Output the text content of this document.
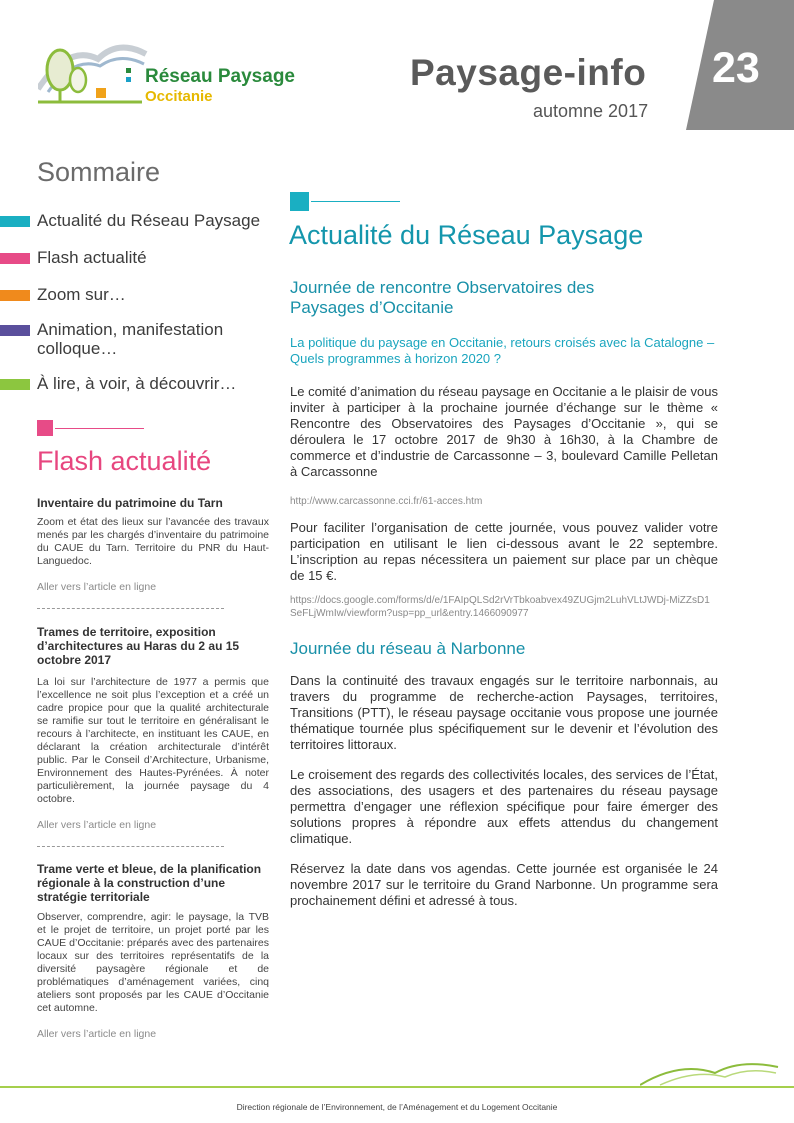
Réseau Paysage
Occitanie
Paysage-info
automne 2017
23
Sommaire
Actualité du Réseau Paysage
Flash actualité
Zoom sur…
Animation, manifestation colloque…
À lire, à voir, à découvrir…
Flash actualité
Inventaire du patrimoine du Tarn
Zoom et état des lieux sur l’avancée des travaux menés par les chargés d’inventaire du patrimoine du CAUE du Tarn. Territoire du PNR du Haut-Languedoc.
Aller vers l’article en ligne
Trames de territoire, exposition d’architectures au Haras du 2 au 15 octobre 2017
La loi sur l’architecture de 1977 a permis que l’excellence ne soit plus l’exception et a créé un cadre propice pour que la qualité architecturale se ramifie sur tout le territoire en généralisant le recours à l’architecte, en instituant les CAUE, en déclarant la création architecturale d’intérêt public. Par le Conseil d’Architecture, Urbanisme, Environnement des Hautes-Pyrénées. À noter particulièrement, la journée paysage du 4 octobre.
Aller vers l’article en ligne
Trame verte et bleue, de la planification régionale à la construction d’une stratégie territoriale
Observer, comprendre, agir: le paysage, la TVB et le projet de territoire, un projet porté par les CAUE d’Occitanie: préparés avec des partenaires locaux sur des territoires représentatifs de la diversité paysagère régionale et de problématiques d’aménagement variées, cinq ateliers sont proposés par les CAUE d’Occitanie cet automne.
Aller vers l’article en ligne
Actualité du Réseau Paysage
Journée de rencontre Observatoires des Paysages d’Occitanie
La politique du paysage en Occitanie, retours croisés avec la Catalogne – Quels programmes à horizon 2020 ?
Le comité d’animation du réseau paysage en Occitanie a le plaisir de vous inviter à participer à la prochaine journée d’échange sur le thème « Rencontre des Observatoires des Paysages d’Occitanie », qui se déroulera le 17 octobre 2017 de 9h30 à 16h30, à la Chambre de commerce et d’industrie de Carcassonne – 3, boulevard Camille Pelletan à Carcassonne
http://www.carcassonne.cci.fr/61-acces.htm
Pour faciliter l’organisation de cette journée, vous pouvez valider votre participation en utilisant le lien ci-dessous avant le 22 septembre. L’inscription au repas nécessitera un paiement sur place par un chèque de 15 €.
https://docs.google.com/forms/d/e/1FAIpQLSd2rVrTbkoabvex49ZUGjm2LuhVLtJWDj-MiZZsD1SeFLjWmIw/viewform?usp=pp_url&entry.1466090977
Journée du réseau à Narbonne
Dans la continuité des travaux engagés sur le territoire narbonnais, au travers du programme de recherche-action Paysages, territoires, Transitions (PTT), le réseau paysage occitanie vous propose une journée thématique tournée plus spécifiquement sur le devenir et l’évolution des territoires littoraux.
Le croisement des regards des collectivités locales, des services de l’État, des associations, des usagers et des partenaires du réseau paysage permettra d’engager une réflexion spécifique pour faire émerger des solutions propres à répondre aux effets attendus du changement climatique.
Réservez la date dans vos agendas. Cette journée est organisée le 24 novembre 2017 sur le territoire du Grand Narbonne. Un programme sera prochainement défini et adressé à tous.
Direction régionale de l’Environnement, de l’Aménagement et du Logement Occitanie
